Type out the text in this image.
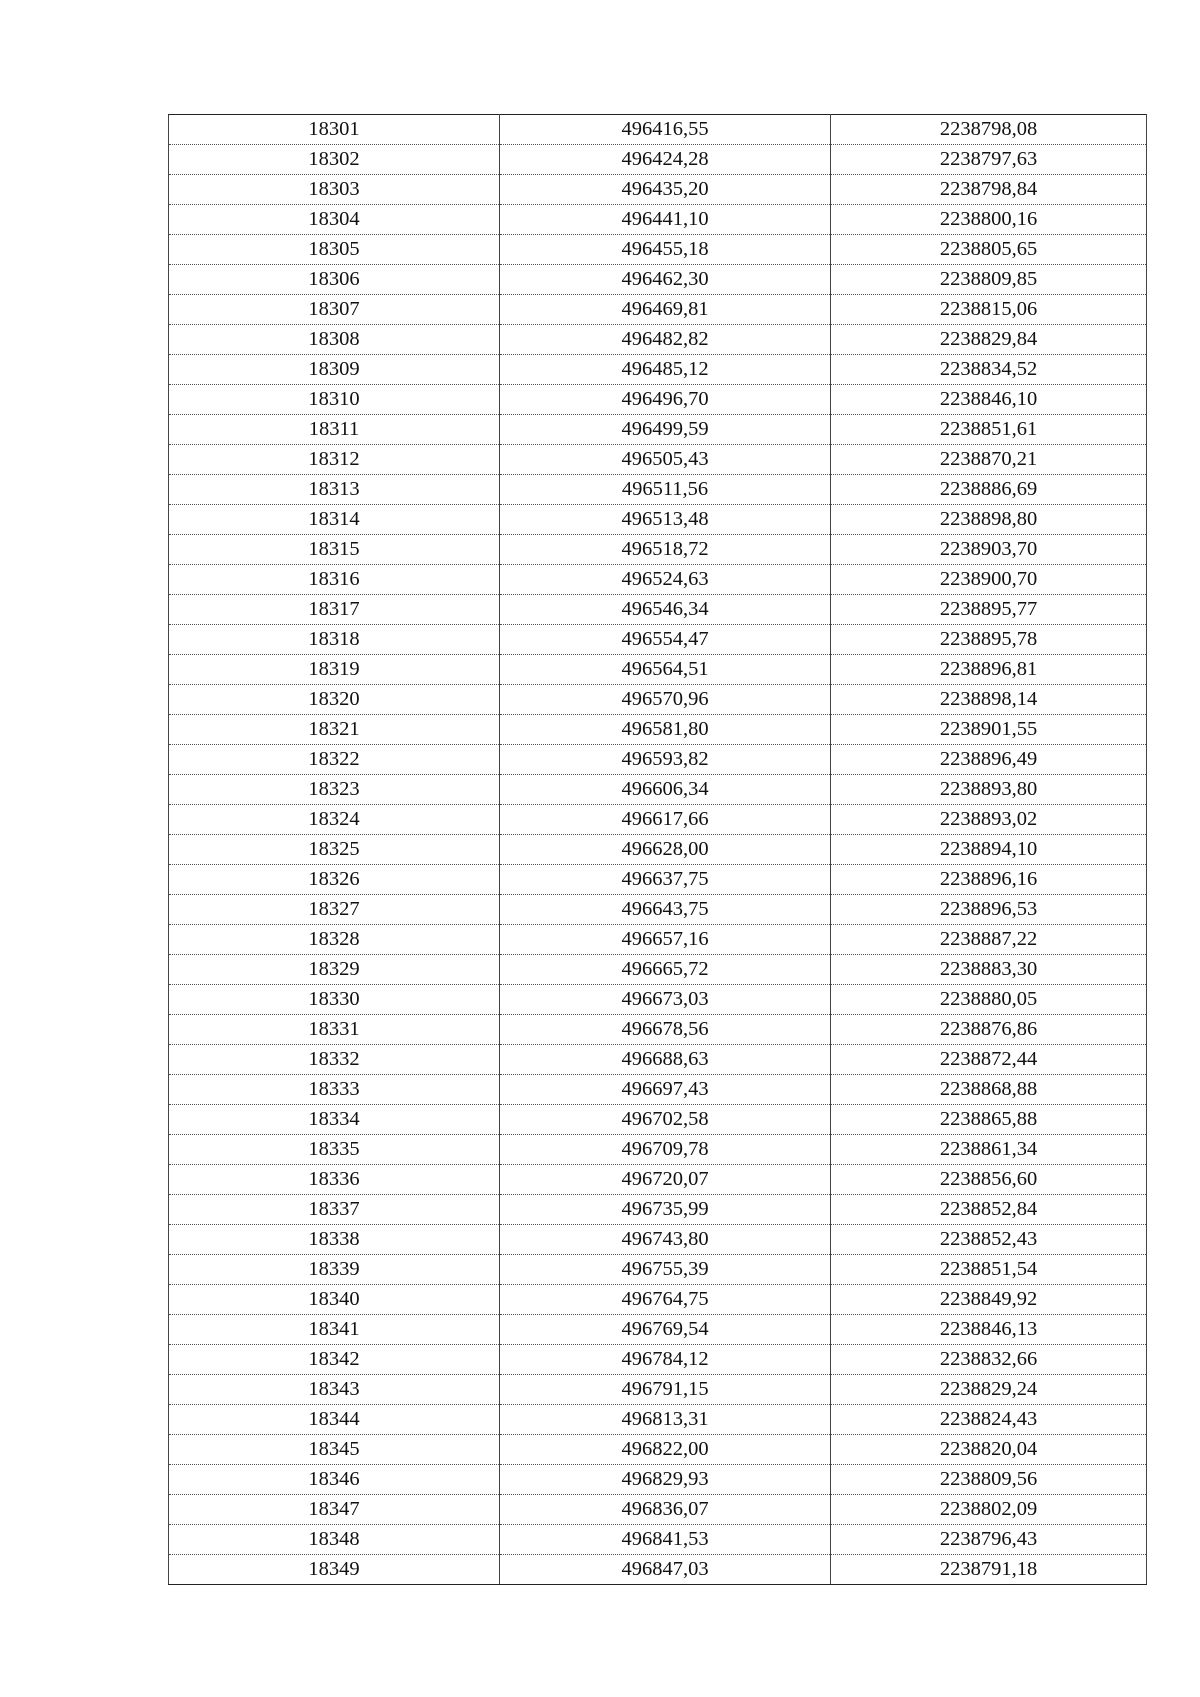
18301	496416,55	2238798,08
18302	496424,28	2238797,63
18303	496435,20	2238798,84
18304	496441,10	2238800,16
18305	496455,18	2238805,65
18306	496462,30	2238809,85
18307	496469,81	2238815,06
18308	496482,82	2238829,84
18309	496485,12	2238834,52
18310	496496,70	2238846,10
18311	496499,59	2238851,61
18312	496505,43	2238870,21
18313	496511,56	2238886,69
18314	496513,48	2238898,80
18315	496518,72	2238903,70
18316	496524,63	2238900,70
18317	496546,34	2238895,77
18318	496554,47	2238895,78
18319	496564,51	2238896,81
18320	496570,96	2238898,14
18321	496581,80	2238901,55
18322	496593,82	2238896,49
18323	496606,34	2238893,80
18324	496617,66	2238893,02
18325	496628,00	2238894,10
18326	496637,75	2238896,16
18327	496643,75	2238896,53
18328	496657,16	2238887,22
18329	496665,72	2238883,30
18330	496673,03	2238880,05
18331	496678,56	2238876,86
18332	496688,63	2238872,44
18333	496697,43	2238868,88
18334	496702,58	2238865,88
18335	496709,78	2238861,34
18336	496720,07	2238856,60
18337	496735,99	2238852,84
18338	496743,80	2238852,43
18339	496755,39	2238851,54
18340	496764,75	2238849,92
18341	496769,54	2238846,13
18342	496784,12	2238832,66
18343	496791,15	2238829,24
18344	496813,31	2238824,43
18345	496822,00	2238820,04
18346	496829,93	2238809,56
18347	496836,07	2238802,09
18348	496841,53	2238796,43
18349	496847,03	2238791,18
